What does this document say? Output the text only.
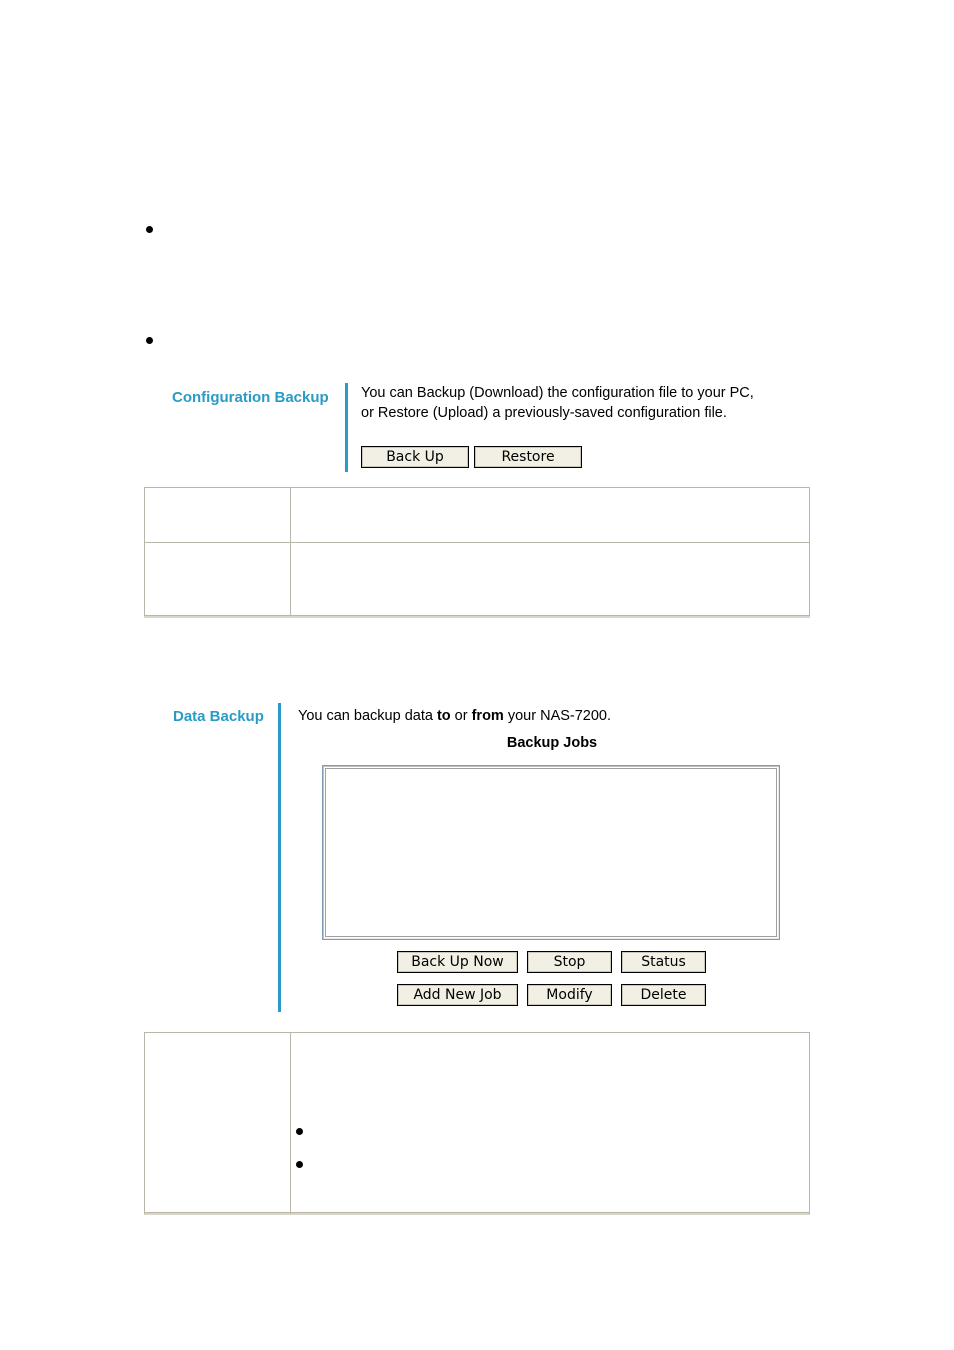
Configuration Backup You can Backup (Download) the configuration file to your PC,
or Restore (Upload) a previously-saved configuration file.
Back Up	Restore
Data Backup You can backup data to or from your NAS-7200.
Backup Jobs
Back Up Now	Stop	Status
Add New Job	Modify	Delete
